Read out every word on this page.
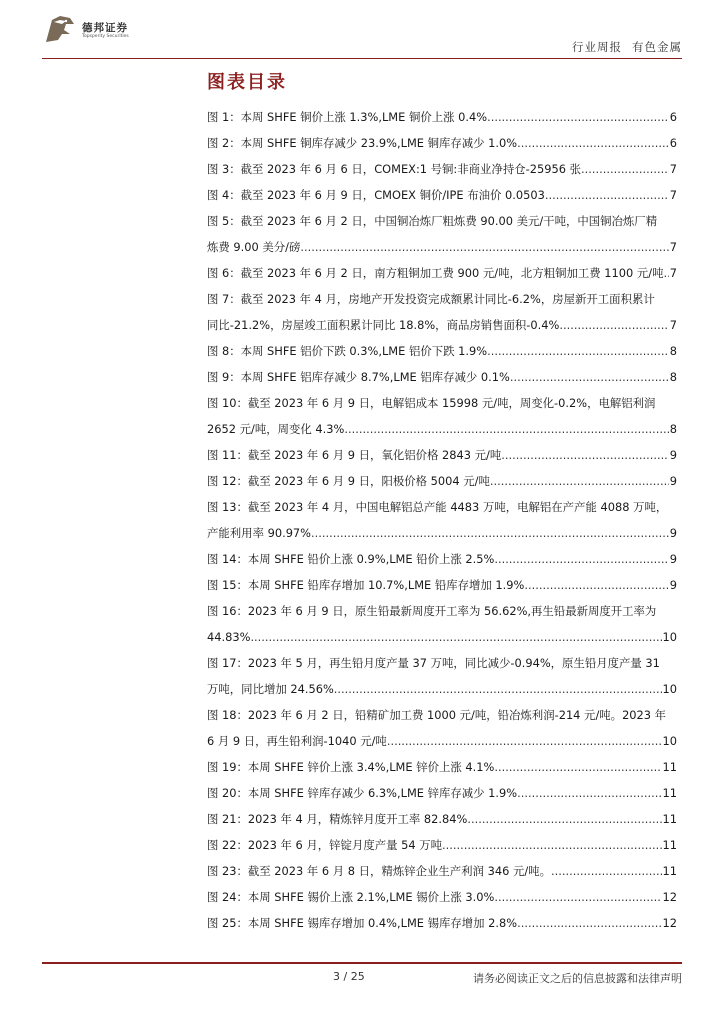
德邦证券
Topsperity Securities
行业周报 有色金属
图表目录
图 1：本周 SHFE 铜价上涨 1.3%,LME 铜价上涨 0.4% .....	6
图 2：本周 SHFE 铜库存减少 23.9%,LME 铜库存减少 1.0% .....	6
图 3：截至 2023 年 6 月 6 日，COMEX:1 号铜:非商业净持仓-25956 张 .....	7
图 4：截至 2023 年 6 月 9 日，CMOEX 铜价/IPE 布油价 0.0503 .....	7
图 5：截至 2023 年 6 月 2 日，中国铜冶炼厂粗炼费 90.00 美元/干吨，中国铜冶炼厂精
炼费 9.00 美分/磅 .....	7
图 6：截至 2023 年 6 月 2 日，南方粗铜加工费 900 元/吨，北方粗铜加工费 1100 元/吨 ..... 7
图 7：截至 2023 年 4 月，房地产开发投资完成额累计同比-6.2%，房屋新开工面积累计
同比-21.2%，房屋竣工面积累计同比 18.8%，商品房销售面积-0.4% .....	7
图 8：本周 SHFE 铝价下跌 0.3%,LME 铝价下跌 1.9% .....	8
图 9：本周 SHFE 铝库存减少 8.7%,LME 铝库存减少 0.1% .....	8
图 10：截至 2023 年 6 月 9 日，电解铝成本 15998 元/吨，周变化-0.2%，电解铝利润
2652 元/吨，周变化 4.3% .....	8
图 11：截至 2023 年 6 月 9 日，氧化铝价格 2843 元/吨 .....	9
图 12：截至 2023 年 6 月 9 日，阳极价格 5004 元/吨 .....	9
图 13：截至 2023 年 4 月，中国电解铝总产能 4483 万吨，电解铝在产产能 4088 万吨，
产能利用率 90.97% .....	9
图 14：本周 SHFE 铅价上涨 0.9%,LME 铅价上涨 2.5% .....	9
图 15：本周 SHFE 铅库存增加 10.7%,LME 铅库存增加 1.9% .....	9
图 16：2023 年 6 月 9 日，原生铅最新周度开工率为 56.62%,再生铅最新周度开工率为
44.83% .....	10
图 17：2023 年 5 月，再生铅月度产量 37 万吨，同比减少-0.94%，原生铅月度产量 31
万吨，同比增加 24.56% .....	10
图 18：2023 年 6 月 2 日，铅精矿加工费 1000 元/吨，铅冶炼利润-214 元/吨。2023 年
6 月 9 日，再生铅利润-1040 元/吨 .....	10
图 19：本周 SHFE 锌价上涨 3.4%,LME 锌价上涨 4.1% .....	11
图 20：本周 SHFE 锌库存减少 6.3%,LME 锌库存减少 1.9% .....	11
图 21：2023 年 4 月，精炼锌月度开工率 82.84% .....	11
图 22：2023 年 6 月，锌锭月度产量 54 万吨 .....	11
图 23：截至 2023 年 6 月 8 日，精炼锌企业生产利润 346 元/吨。 .....	11
图 24：本周 SHFE 锡价上涨 2.1%,LME 锡价上涨 3.0% .....	12
图 25：本周 SHFE 锡库存增加 0.4%,LME 锡库存增加 2.8% .....	12
3 / 25	请务必阅读正文之后的信息披露和法律声明
